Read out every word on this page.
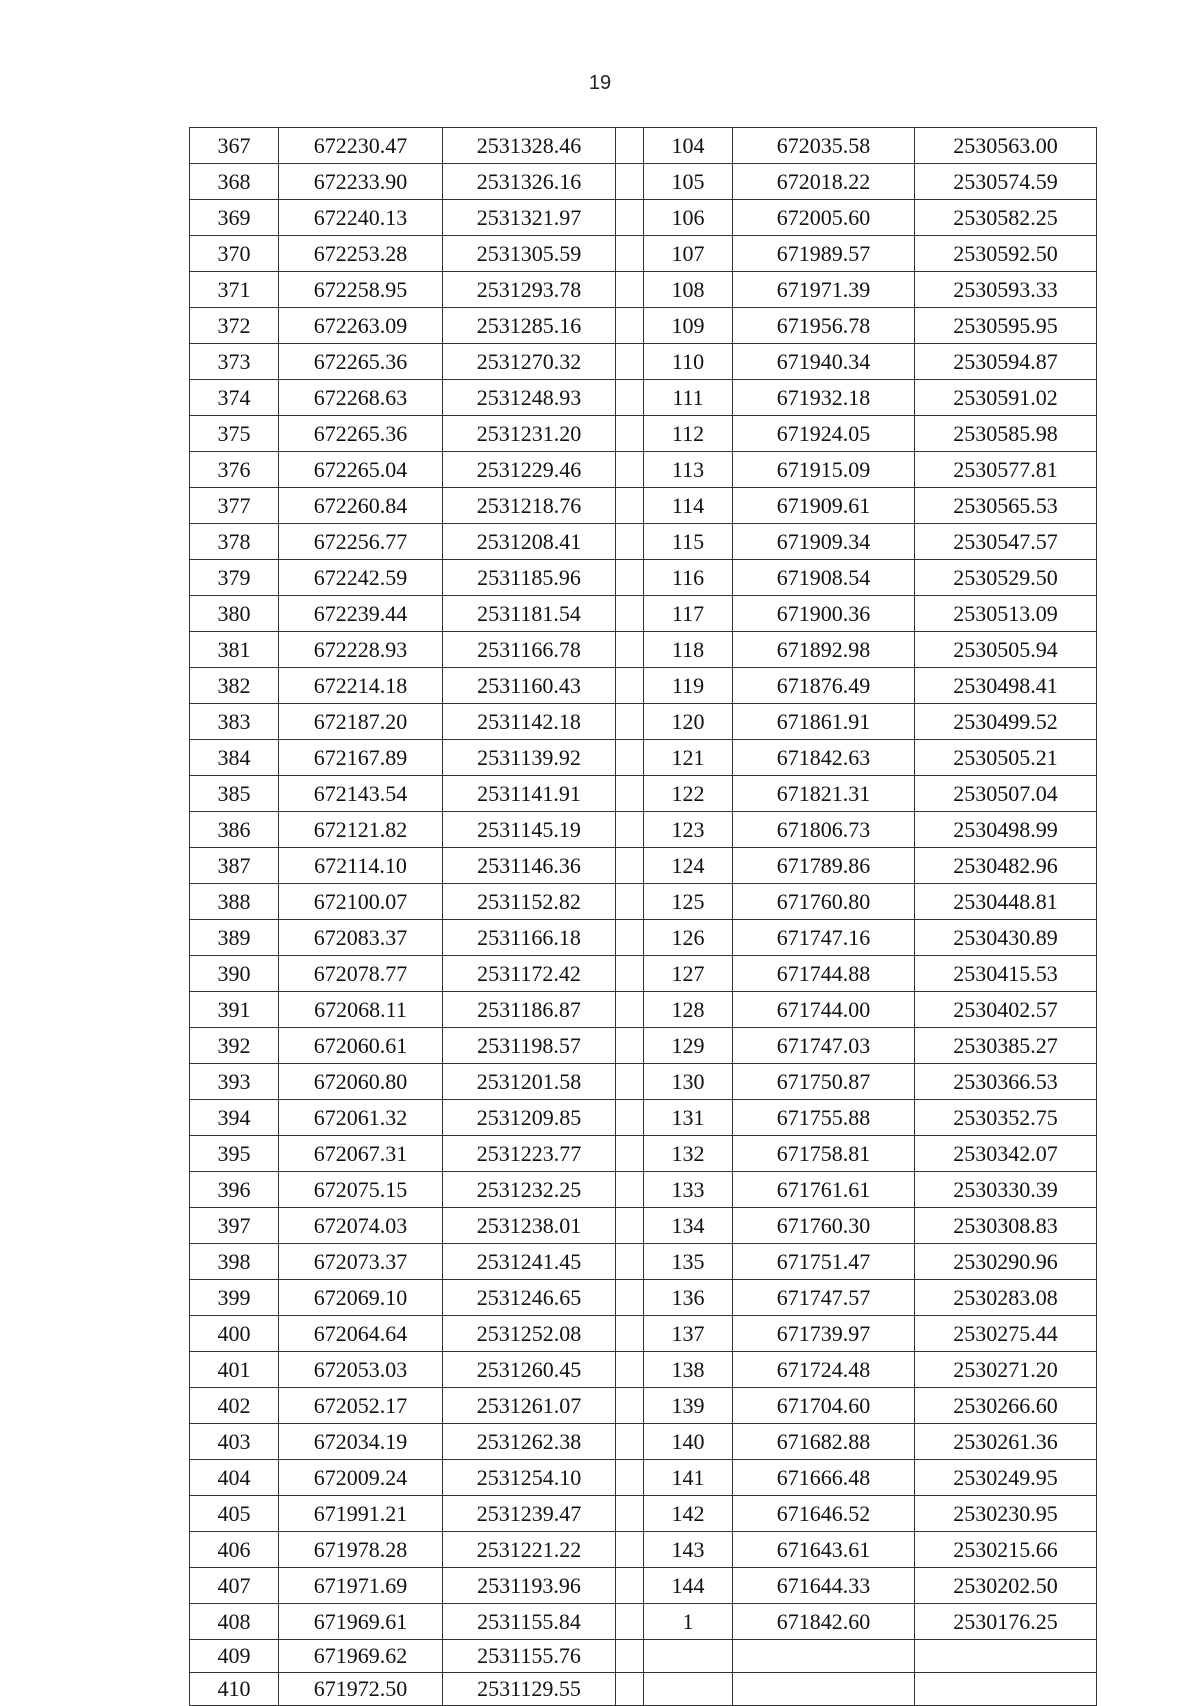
19
367	672230.47	2531328.46		104	672035.58	2530563.00
368	672233.90	2531326.16		105	672018.22	2530574.59
369	672240.13	2531321.97		106	672005.60	2530582.25
370	672253.28	2531305.59		107	671989.57	2530592.50
371	672258.95	2531293.78		108	671971.39	2530593.33
372	672263.09	2531285.16		109	671956.78	2530595.95
373	672265.36	2531270.32		110	671940.34	2530594.87
374	672268.63	2531248.93		111	671932.18	2530591.02
375	672265.36	2531231.20		112	671924.05	2530585.98
376	672265.04	2531229.46		113	671915.09	2530577.81
377	672260.84	2531218.76		114	671909.61	2530565.53
378	672256.77	2531208.41		115	671909.34	2530547.57
379	672242.59	2531185.96		116	671908.54	2530529.50
380	672239.44	2531181.54		117	671900.36	2530513.09
381	672228.93	2531166.78		118	671892.98	2530505.94
382	672214.18	2531160.43		119	671876.49	2530498.41
383	672187.20	2531142.18		120	671861.91	2530499.52
384	672167.89	2531139.92		121	671842.63	2530505.21
385	672143.54	2531141.91		122	671821.31	2530507.04
386	672121.82	2531145.19		123	671806.73	2530498.99
387	672114.10	2531146.36		124	671789.86	2530482.96
388	672100.07	2531152.82		125	671760.80	2530448.81
389	672083.37	2531166.18		126	671747.16	2530430.89
390	672078.77	2531172.42		127	671744.88	2530415.53
391	672068.11	2531186.87		128	671744.00	2530402.57
392	672060.61	2531198.57		129	671747.03	2530385.27
393	672060.80	2531201.58		130	671750.87	2530366.53
394	672061.32	2531209.85		131	671755.88	2530352.75
395	672067.31	2531223.77		132	671758.81	2530342.07
396	672075.15	2531232.25		133	671761.61	2530330.39
397	672074.03	2531238.01		134	671760.30	2530308.83
398	672073.37	2531241.45		135	671751.47	2530290.96
399	672069.10	2531246.65		136	671747.57	2530283.08
400	672064.64	2531252.08		137	671739.97	2530275.44
401	672053.03	2531260.45		138	671724.48	2530271.20
402	672052.17	2531261.07		139	671704.60	2530266.60
403	672034.19	2531262.38		140	671682.88	2530261.36
404	672009.24	2531254.10		141	671666.48	2530249.95
405	671991.21	2531239.47		142	671646.52	2530230.95
406	671978.28	2531221.22		143	671643.61	2530215.66
407	671971.69	2531193.96		144	671644.33	2530202.50
408	671969.61	2531155.84		1	671842.60	2530176.25
409	671969.62	2531155.76				
410	671972.50	2531129.55				
